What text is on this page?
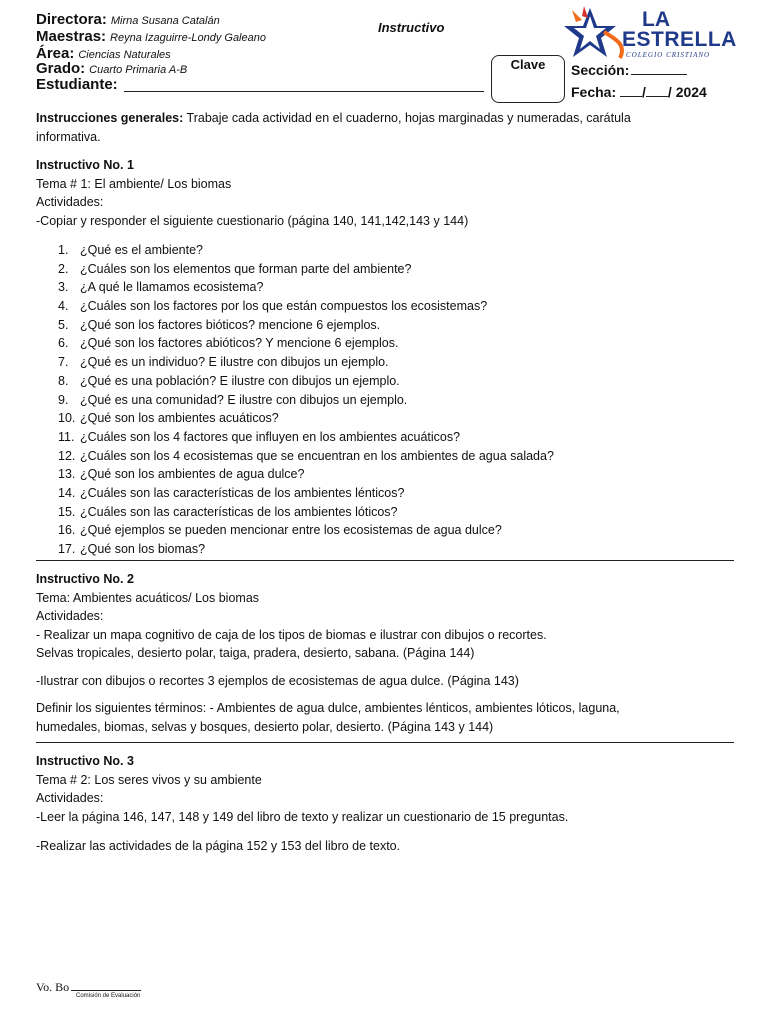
Directora: Mirna Susana Catalán
Maestras: Reyna Izaguirre-Londy Galeano
Área: Ciencias Naturales
Grado: Cuarto Primaria A-B
Estudiante:
Instructivo
Clave	Sección:
Fecha: / / 2024
LA
ESTRELLA
COLEGIO CRISTIANO

Instrucciones generales: Trabaje cada actividad en el cuaderno, hojas marginadas y numeradas, carátula

informativa.

Instructivo No. 1

Tema # 1: El ambiente/ Los biomas

Actividades:

-Copiar y responder el siguiente cuestionario (página 140, 141,142,143 y 144)

1. ¿Qué es el ambiente?
2. ¿Cuáles son los elementos que forman parte del ambiente?
3. ¿A qué le llamamos ecosistema?
4. ¿Cuáles son los factores por los que están compuestos los ecosistemas?
5. ¿Qué son los factores bióticos? mencione 6 ejemplos.
6. ¿Qué son los factores abióticos? Y mencione 6 ejemplos.
7. ¿Qué es un individuo? E ilustre con dibujos un ejemplo.
8. ¿Qué es una población? E ilustre con dibujos un ejemplo.
9. ¿Qué es una comunidad? E ilustre con dibujos un ejemplo.
10. ¿Qué son los ambientes acuáticos?
11. ¿Cuáles son los 4 factores que influyen en los ambientes acuáticos?
12. ¿Cuáles son los 4 ecosistemas que se encuentran en los ambientes de agua salada?
13. ¿Qué son los ambientes de agua dulce?
14. ¿Cuáles son las características de los ambientes lénticos?
15. ¿Cuáles son las características de los ambientes lóticos?
16. ¿Qué ejemplos se pueden mencionar entre los ecosistemas de agua dulce?
17. ¿Qué son los biomas?

Instructivo No. 2

Tema: Ambientes acuáticos/ Los biomas

Actividades:

- Realizar un mapa cognitivo de caja de los tipos de biomas e ilustrar con dibujos o recortes.

Selvas tropicales, desierto polar, taiga, pradera, desierto, sabana. (Página 144)

-Ilustrar con dibujos o recortes 3 ejemplos de ecosistemas de agua dulce. (Página 143)

Definir los siguientes términos: - Ambientes de agua dulce, ambientes lénticos, ambientes lóticos, laguna,

humedales, biomas, selvas y bosques, desierto polar, desierto. (Página 143 y 144)

Instructivo No. 3

Tema # 2: Los seres vivos y su ambiente

Actividades:

-Leer la página 146, 147, 148 y 149 del libro de texto y realizar un cuestionario de 15 preguntas.

-Realizar las actividades de la página 152 y 153 del libro de texto.

Vo. Bo
Comisión de Evaluación
